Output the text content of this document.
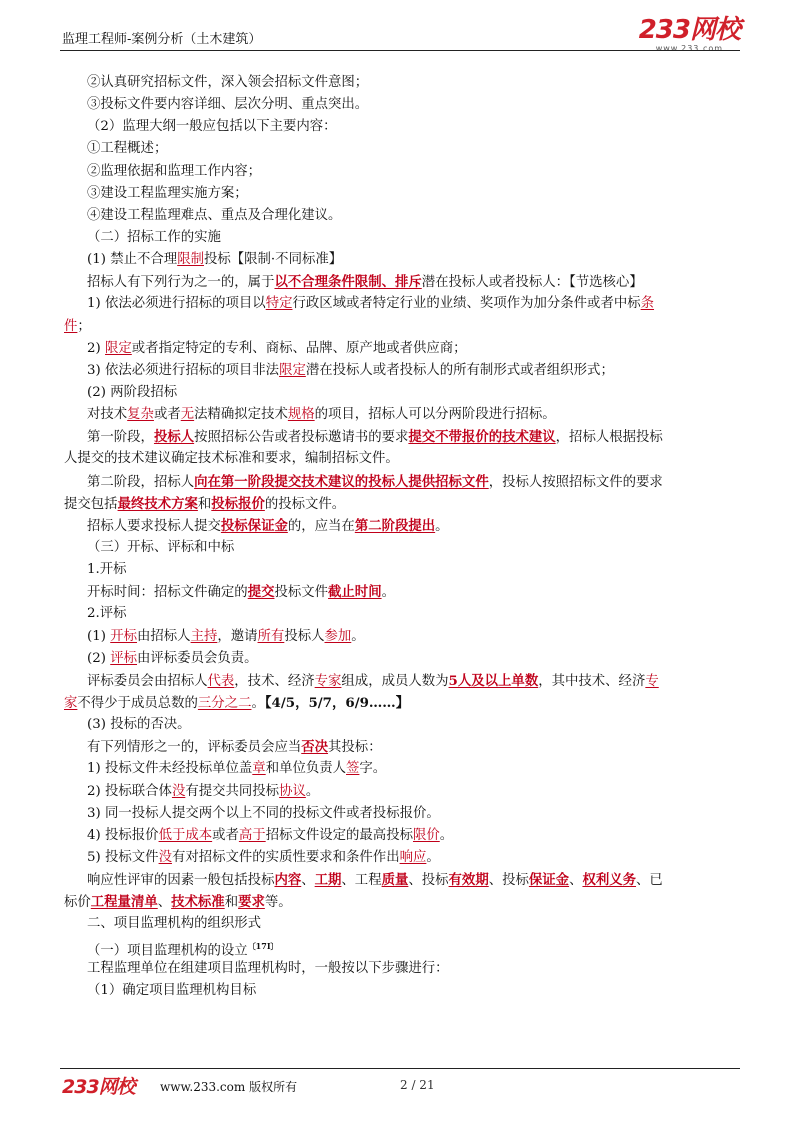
监理工程师-案例分析（土木建筑）	233网校
www.233.com
②认真研究招标文件，深入领会招标文件意图；
③投标文件要内容详细、层次分明、重点突出。
（2）监理大纲一般应包括以下主要内容：
①工程概述；
②监理依据和监理工作内容；
③建设工程监理实施方案；
④建设工程监理难点、重点及合理化建议。
（二）招标工作的实施
(1) 禁止不合理限制投标【限制·不同标准】
招标人有下列行为之一的，属于以不合理条件限制、排斥潜在投标人或者投标人：【节选核心】
1) 依法必须进行招标的项目以特定行政区域或者特定行业的业绩、奖项作为加分条件或者中标条
件；
2) 限定或者指定特定的专利、商标、品牌、原产地或者供应商；
3) 依法必须进行招标的项目非法限定潜在投标人或者投标人的所有制形式或者组织形式；
(2) 两阶段招标
对技术复杂或者无法精确拟定技术规格的项目，招标人可以分两阶段进行招标。
第一阶段，投标人按照招标公告或者投标邀请书的要求提交不带报价的技术建议，招标人根据投标
人提交的技术建议确定技术标准和要求，编制招标文件。
第二阶段，招标人向在第一阶段提交技术建议的投标人提供招标文件，投标人按照招标文件的要求
提交包括最终技术方案和投标报价的投标文件。
招标人要求投标人提交投标保证金的，应当在第二阶段提出。
（三）开标、评标和中标
1.开标
开标时间：招标文件确定的提交投标文件截止时间。
2.评标
(1) 开标由招标人主持，邀请所有投标人参加。
(2) 评标由评标委员会负责。
评标委员会由招标人代表，技术、经济专家组成，成员人数为5人及以上单数，其中技术、经济专
家不得少于成员总数的三分之二。【4/5，5/7，6/9……】
(3) 投标的否决。
有下列情形之一的，评标委员会应当否决其投标：
1) 投标文件未经投标单位盖章和单位负责人签字。
2) 投标联合体没有提交共同投标协议。
3) 同一投标人提交两个以上不同的投标文件或者投标报价。
4) 投标报价低于成本或者高于招标文件设定的最高投标限价。
5) 投标文件没有对招标文件的实质性要求和条件作出响应。
响应性评审的因素一般包括投标内容、工期、工程质量、投标有效期、投标保证金、权利义务、已
标价工程量清单、技术标准和要求等。
二、项目监理机构的组织形式
（一）项目监理机构的设立$^{〔17Ⅰ〕}$
工程监理单位在组建项目监理机构时，一般按以下步骤进行：
（1）确定项目监理机构目标
233网校 www.233.com 版权所有	2 / 21
